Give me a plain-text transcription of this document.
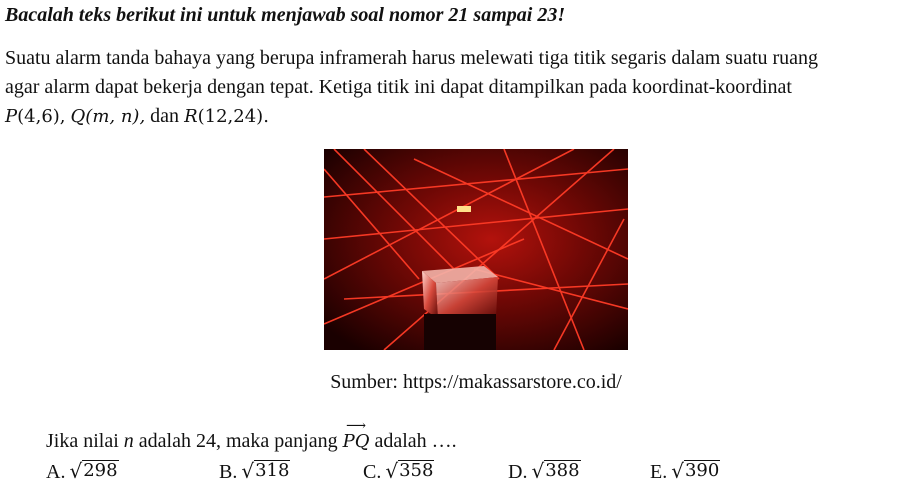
Bacalah teks berikut ini untuk menjawab soal nomor 21 sampai 23!
Suatu alarm tanda bahaya yang berupa inframerah harus melewati tiga titik segaris dalam suatu ruang
agar alarm dapat bekerja dengan tepat. Ketiga titik ini dapat ditampilkan pada koordinat-koordinat
P(4,6), Q(m, n), dan R(12,24).
Sumber: https://makassarstore.co.id/
Jika nilai n adalah 24, maka panjang
⟶
PQ adalah ….
A. √ 298	B. √ 318	C. √ 358	D. √ 388	E. √ 390
